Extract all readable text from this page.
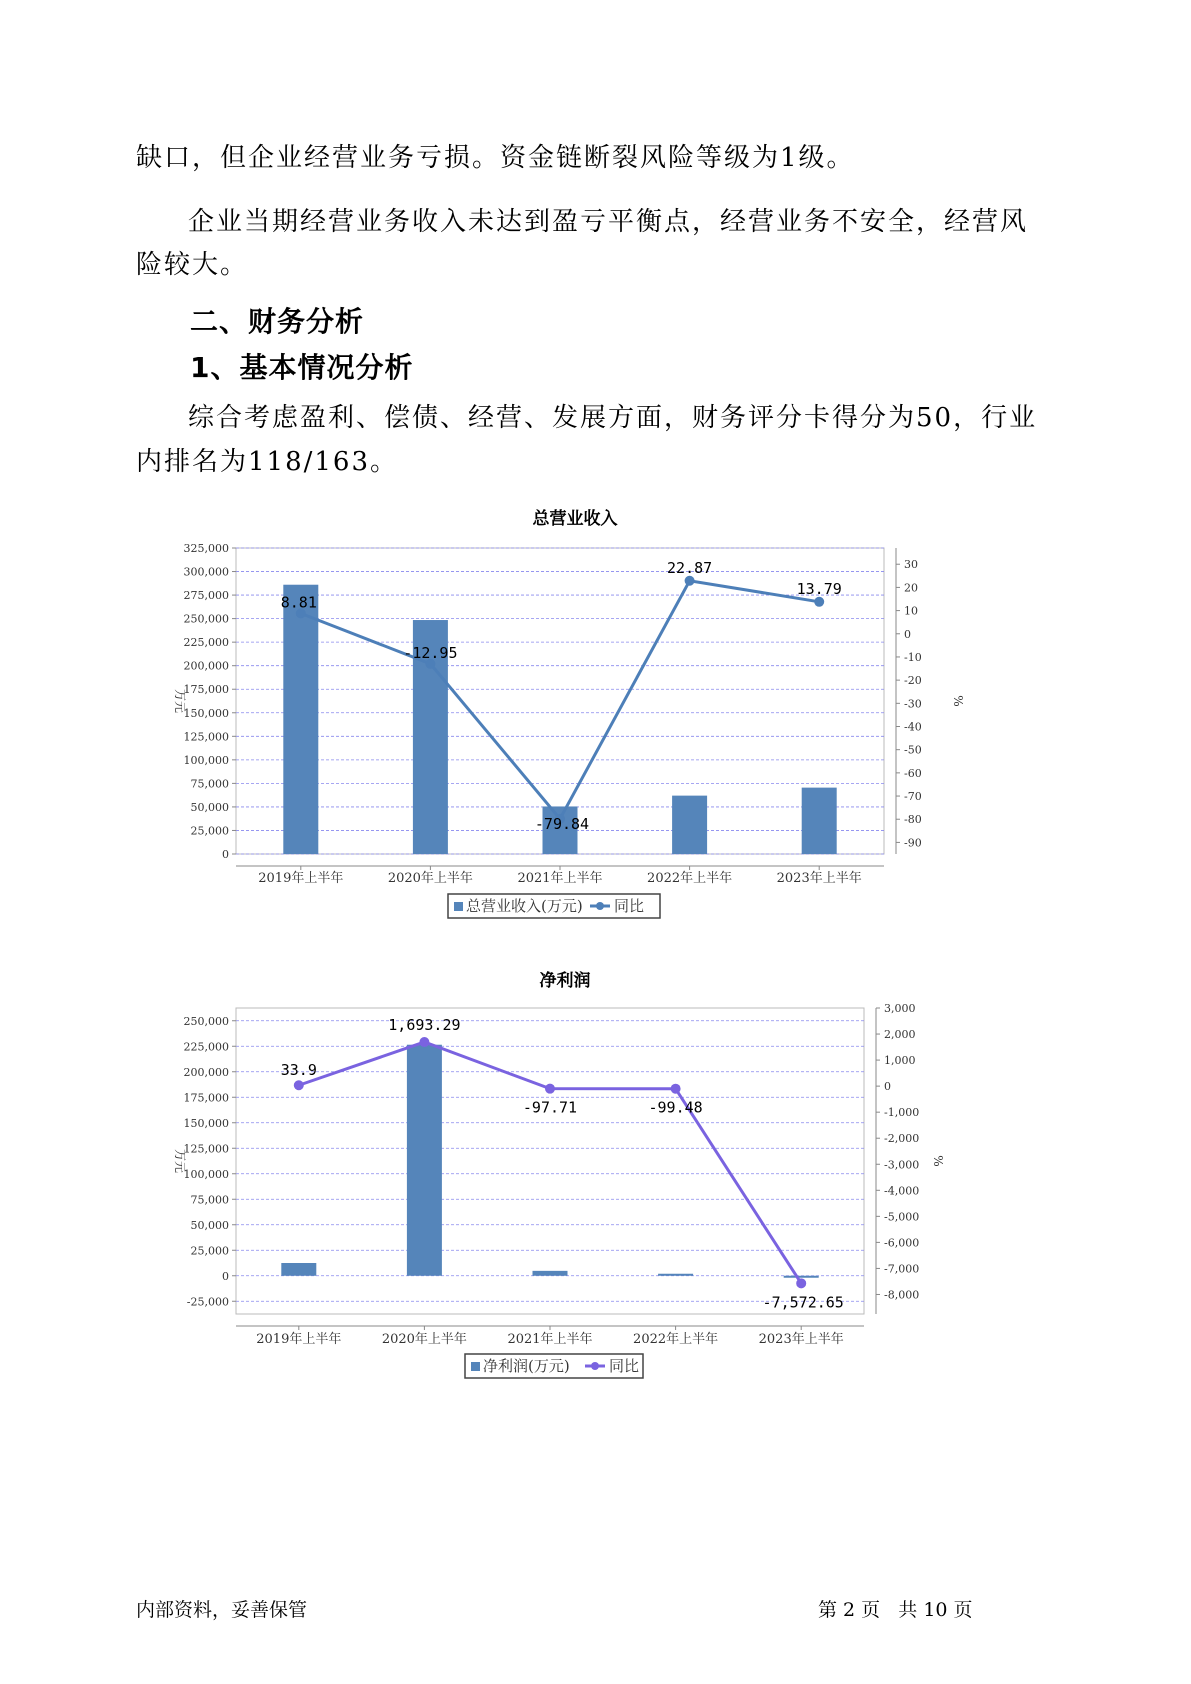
缺口，但企业经营业务亏损。资金链断裂风险等级为1级。

企业当期经营业务收入未达到盈亏平衡点，经营业务不安全，经营风

险较大。

二、财务分析
1、基本情况分析

综合考虑盈利、偿债、经营、发展方面，财务评分卡得分为50，行业

内排名为118/163。

总营业收入
0
25,000
50,000
75,000
100,000
125,000
150,000
175,000
200,000
225,000
250,000
275,000
300,000
325,000
30
20
10
0
-10
-20
-30
-40
-50
-60
-70
-80
-90
万元	%
2019年上半年	2020年上半年	2021年上半年	2022年上半年	2023年上半年
8.81
-12.95
-79.84
22.87
13.79
总营业收入(万元) 同比
净利润
250,000
225,000
200,000
175,000
150,000
125,000
100,000
75,000
50,000
25,000
0
-25,000
3,000
2,000
1,000
0
-1,000
-2,000
-3,000
-4,000
-5,000
-6,000
-7,000
-8,000
万元	%
2019年上半年	2020年上半年	2021年上半年	2022年上半年	2023年上半年
33.9
1,693.29
-97.71	-99.48
-7,572.65
净利润(万元)	同比
内部资料，妥善保管	第 2 页   共 10 页
